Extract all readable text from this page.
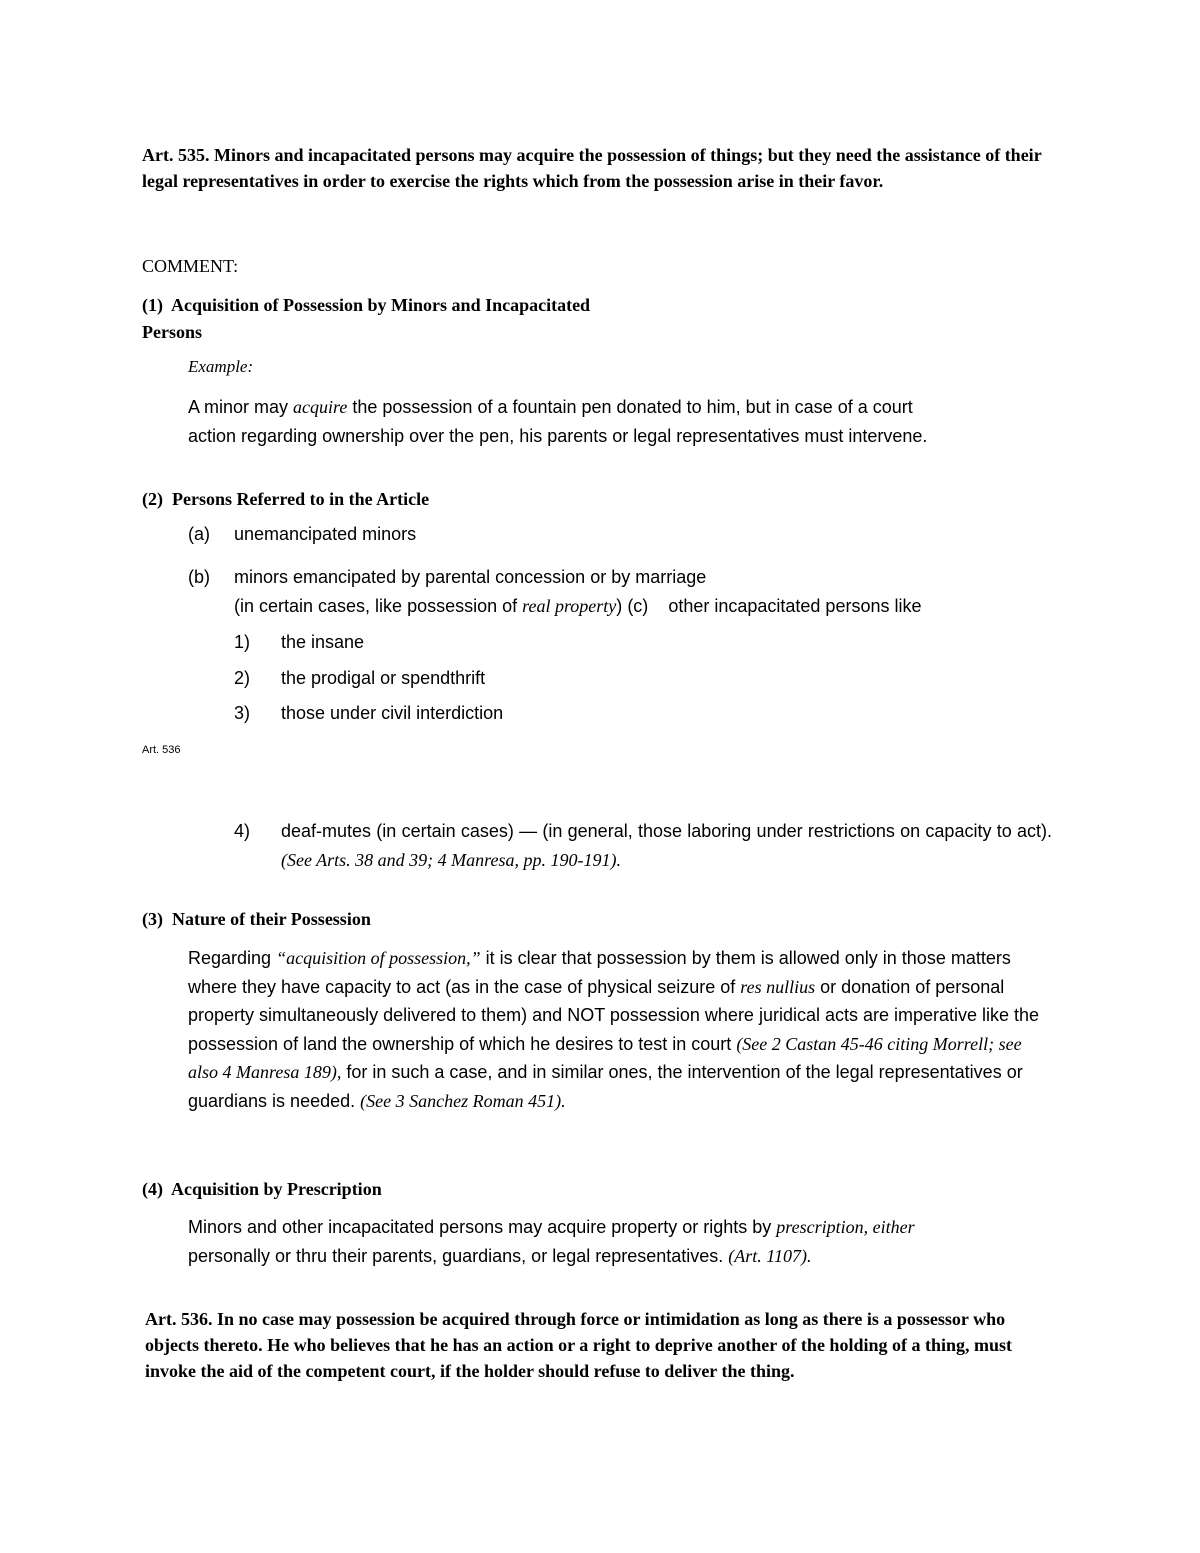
Art. 535. Minors and incapacitated persons may acquire the possession of things; but they need the assistance of their legal representatives in order to exercise the rights which from the possession arise in their favor.
COMMENT:
(1) Acquisition of Possession by Minors and Incapacitated
Persons
Example:
A minor may acquire the possession of a fountain pen donated to him, but in case of a court
action regarding ownership over the pen, his parents or legal representatives must intervene.
(2) Persons Referred to in the Article
(a) unemancipated minors
(b) minors emancipated by parental concession or by marriage
(in certain cases, like possession of real property) (c) other incapacitated persons like
1) the insane
2) the prodigal or spendthrift
3) those under civil interdiction
Art. 536
4) deaf-mutes (in certain cases) — (in general, those laboring under restrictions on capacity to act). (See Arts. 38 and 39; 4 Manresa, pp. 190-191).
(3) Nature of their Possession
Regarding “acquisition of possession,” it is clear that possession by them is allowed only in those matters where they have capacity to act (as in the case of physical seizure of res nullius or donation of personal property simultaneously delivered to them) and NOT possession where juridical acts are imperative like the possession of land the ownership of which he desires to test in court (See 2 Castan 45-46 citing Morrell; see also 4 Manresa 189), for in such a case, and in similar ones, the intervention of the legal representatives or guardians is needed. (See 3 Sanchez Roman 451).
(4) Acquisition by Prescription
Minors and other incapacitated persons may acquire property or rights by prescription, either
personally or thru their parents, guardians, or legal representatives. (Art. 1107).
Art. 536. In no case may possession be acquired through force or intimidation as long as there is a possessor who objects thereto. He who believes that he has an action or a right to deprive another of the holding of a thing, must invoke the aid of the competent court, if the holder should refuse to deliver the thing.
